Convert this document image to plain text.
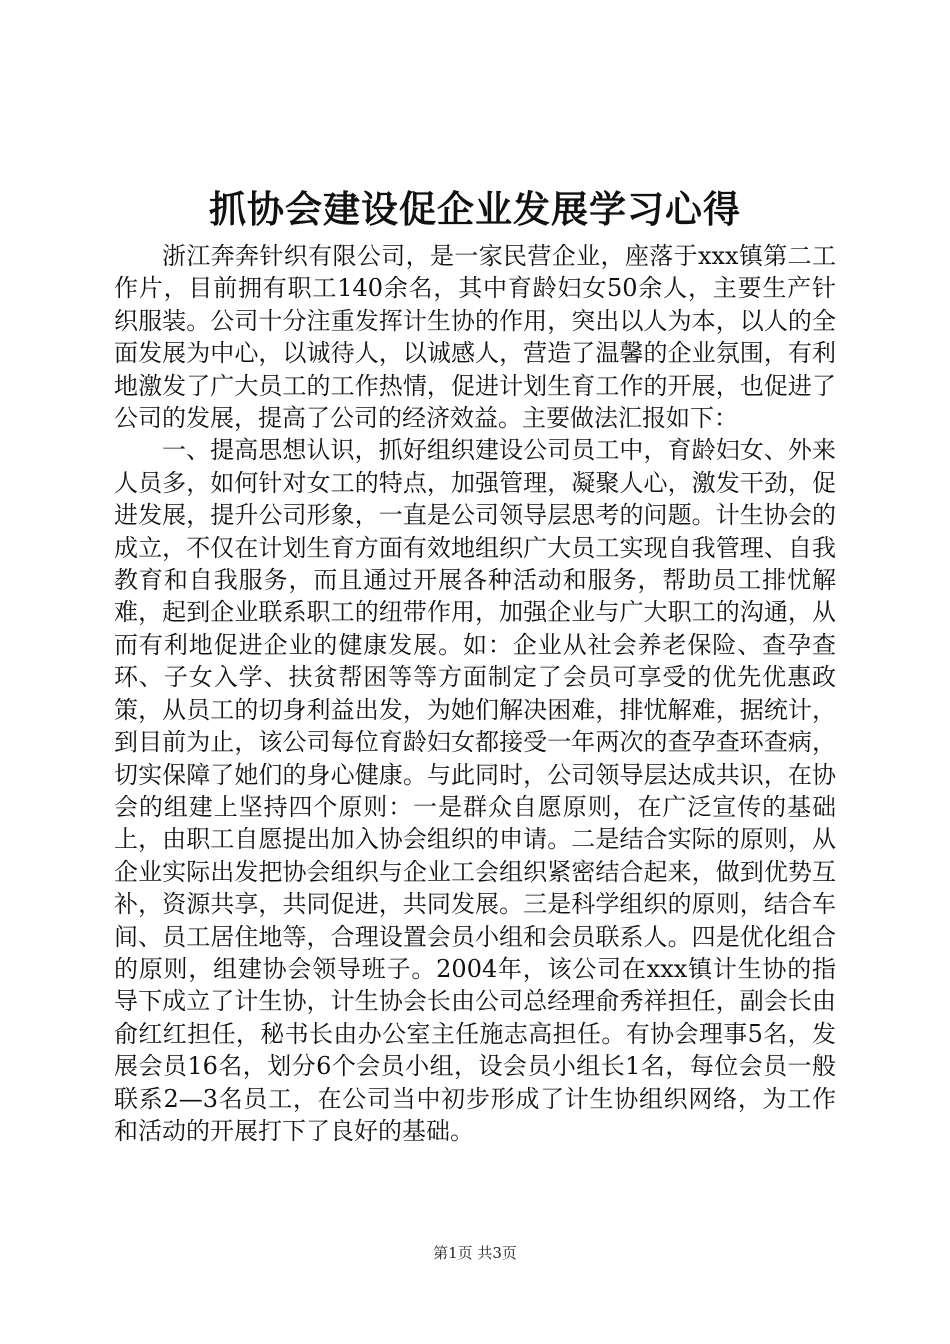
抓协会建设促企业发展学习心得

浙江奔奔针织有限公司，是一家民营企业，座落于xxx镇第二工作片，目前拥有职工140余名，其中育龄妇女50余人，主要生产针织服装。公司十分注重发挥计生协的作用，突出以人为本，以人的全面发展为中心，以诚待人，以诚感人，营造了温馨的企业氛围，有利地激发了广大员工的工作热情，促进计划生育工作的开展，也促进了公司的发展，提高了公司的经济效益。主要做法汇报如下：

一、提高思想认识，抓好组织建设公司员工中，育龄妇女、外来人员多，如何针对女工的特点，加强管理，凝聚人心，激发干劲，促进发展，提升公司形象，一直是公司领导层思考的问题。计生协会的成立，不仅在计划生育方面有效地组织广大员工实现自我管理、自我教育和自我服务，而且通过开展各种活动和服务，帮助员工排忧解难，起到企业联系职工的纽带作用，加强企业与广大职工的沟通，从而有利地促进企业的健康发展。如：企业从社会养老保险、查孕查环、子女入学、扶贫帮困等等方面制定了会员可享受的优先优惠政策，从员工的切身利益出发，为她们解决困难，排忧解难，据统计，到目前为止，该公司每位育龄妇女都接受一年两次的查孕查环查病，切实保障了她们的身心健康。与此同时，公司领导层达成共识，在协会的组建上坚持四个原则：一是群众自愿原则，在广泛宣传的基础上，由职工自愿提出加入协会组织的申请。二是结合实际的原则，从企业实际出发把协会组织与企业工会组织紧密结合起来，做到优势互补，资源共享，共同促进，共同发展。三是科学组织的原则，结合车间、员工居住地等，合理设置会员小组和会员联系人。四是优化组合的原则，组建协会领导班子。2004年，该公司在xxx镇计生协的指导下成立了计生协，计生协会长由公司总经理俞秀祥担任，副会长由俞红红担任，秘书长由办公室主任施志高担任。有协会理事5名，发展会员16名，划分6个会员小组，设会员小组长1名，每位会员一般联系2—3名员工，在公司当中初步形成了计生协组织网络，为工作和活动的开展打下了良好的基础。

第1页 共3页
